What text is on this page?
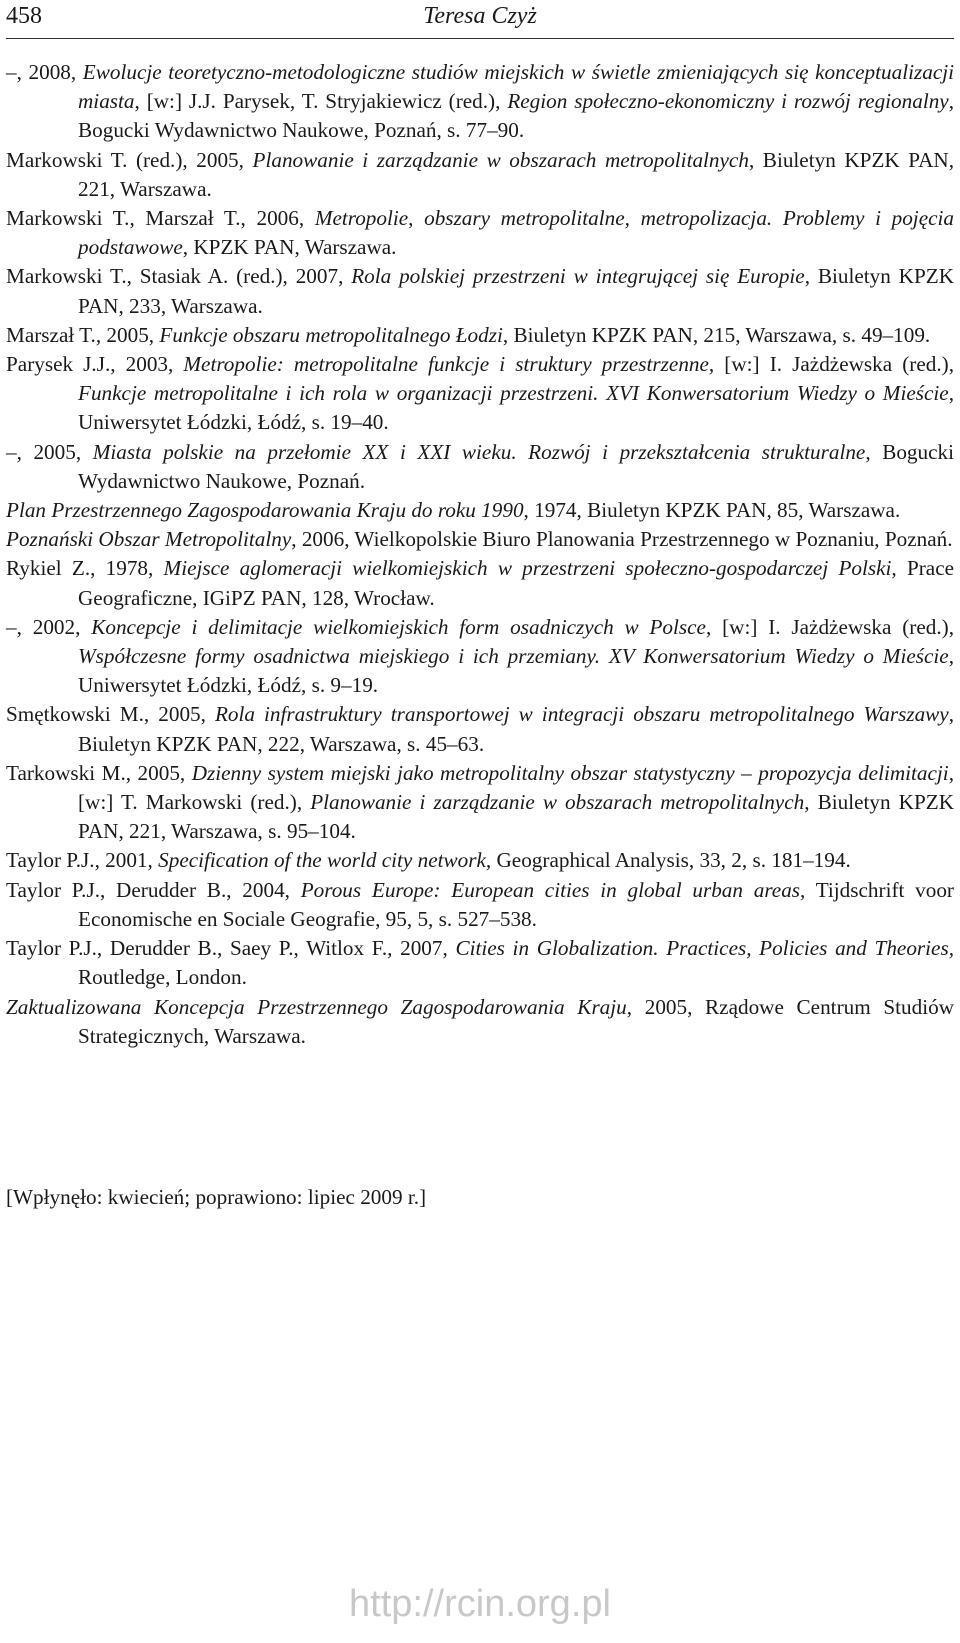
458	Teresa Czyż

–, 2008, Ewolucje teoretyczno-metodologiczne studiów miejskich w świetle zmieniających się konceptualizacji miasta, [w:] J.J. Parysek, T. Stryjakiewicz (red.), Region społeczno-ekonomiczny i rozwój regionalny, Bogucki Wydawnictwo Naukowe, Poznań, s. 77–90.

Markowski T. (red.), 2005, Planowanie i zarządzanie w obszarach metropolitalnych, Biuletyn KPZK PAN, 221, Warszawa.

Markowski T., Marszał T., 2006, Metropolie, obszary metropolitalne, metropolizacja. Problemy i pojęcia podstawowe, KPZK PAN, Warszawa.

Markowski T., Stasiak A. (red.), 2007, Rola polskiej przestrzeni w integrującej się Europie, Biuletyn KPZK PAN, 233, Warszawa.

Marszał T., 2005, Funkcje obszaru metropolitalnego Łodzi, Biuletyn KPZK PAN, 215, Warszawa, s. 49–109.

Parysek J.J., 2003, Metropolie: metropolitalne funkcje i struktury przestrzenne, [w:] I. Jażdżewska (red.), Funkcje metropolitalne i ich rola w organizacji przestrzeni. XVI Konwersatorium Wiedzy o Mieście, Uniwersytet Łódzki, Łódź, s. 19–40.

–, 2005, Miasta polskie na przełomie XX i XXI wieku. Rozwój i przekształcenia strukturalne, Bogucki Wydawnictwo Naukowe, Poznań.

Plan Przestrzennego Zagospodarowania Kraju do roku 1990, 1974, Biuletyn KPZK PAN, 85, Warszawa.

Poznański Obszar Metropolitalny, 2006, Wielkopolskie Biuro Planowania Przestrzennego w Poznaniu, Poznań.

Rykiel Z., 1978, Miejsce aglomeracji wielkomiejskich w przestrzeni społeczno-gospodarczej Polski, Prace Geograficzne, IGiPZ PAN, 128, Wrocław.

–, 2002, Koncepcje i delimitacje wielkomiejskich form osadniczych w Polsce, [w:] I. Jażdżewska (red.), Współczesne formy osadnictwa miejskiego i ich przemiany. XV Konwersatorium Wiedzy o Mieście, Uniwersytet Łódzki, Łódź, s. 9–19.

Smętkowski M., 2005, Rola infrastruktury transportowej w integracji obszaru metropolitalnego Warszawy, Biuletyn KPZK PAN, 222, Warszawa, s. 45–63.

Tarkowski M., 2005, Dzienny system miejski jako metropolitalny obszar statystyczny – propozycja delimitacji, [w:] T. Markowski (red.), Planowanie i zarządzanie w obszarach metropolitalnych, Biuletyn KPZK PAN, 221, Warszawa, s. 95–104.

Taylor P.J., 2001, Specification of the world city network, Geographical Analysis, 33, 2, s. 181–194.

Taylor P.J., Derudder B., 2004, Porous Europe: European cities in global urban areas, Tijdschrift voor Economische en Sociale Geografie, 95, 5, s. 527–538.

Taylor P.J., Derudder B., Saey P., Witlox F., 2007, Cities in Globalization. Practices, Policies and Theories, Routledge, London.

Zaktualizowana Koncepcja Przestrzennego Zagospodarowania Kraju, 2005, Rządowe Centrum Studiów Strategicznych, Warszawa.

[Wpłynęło: kwiecień; poprawiono: lipiec 2009 r.]
http://rcin.org.pl
